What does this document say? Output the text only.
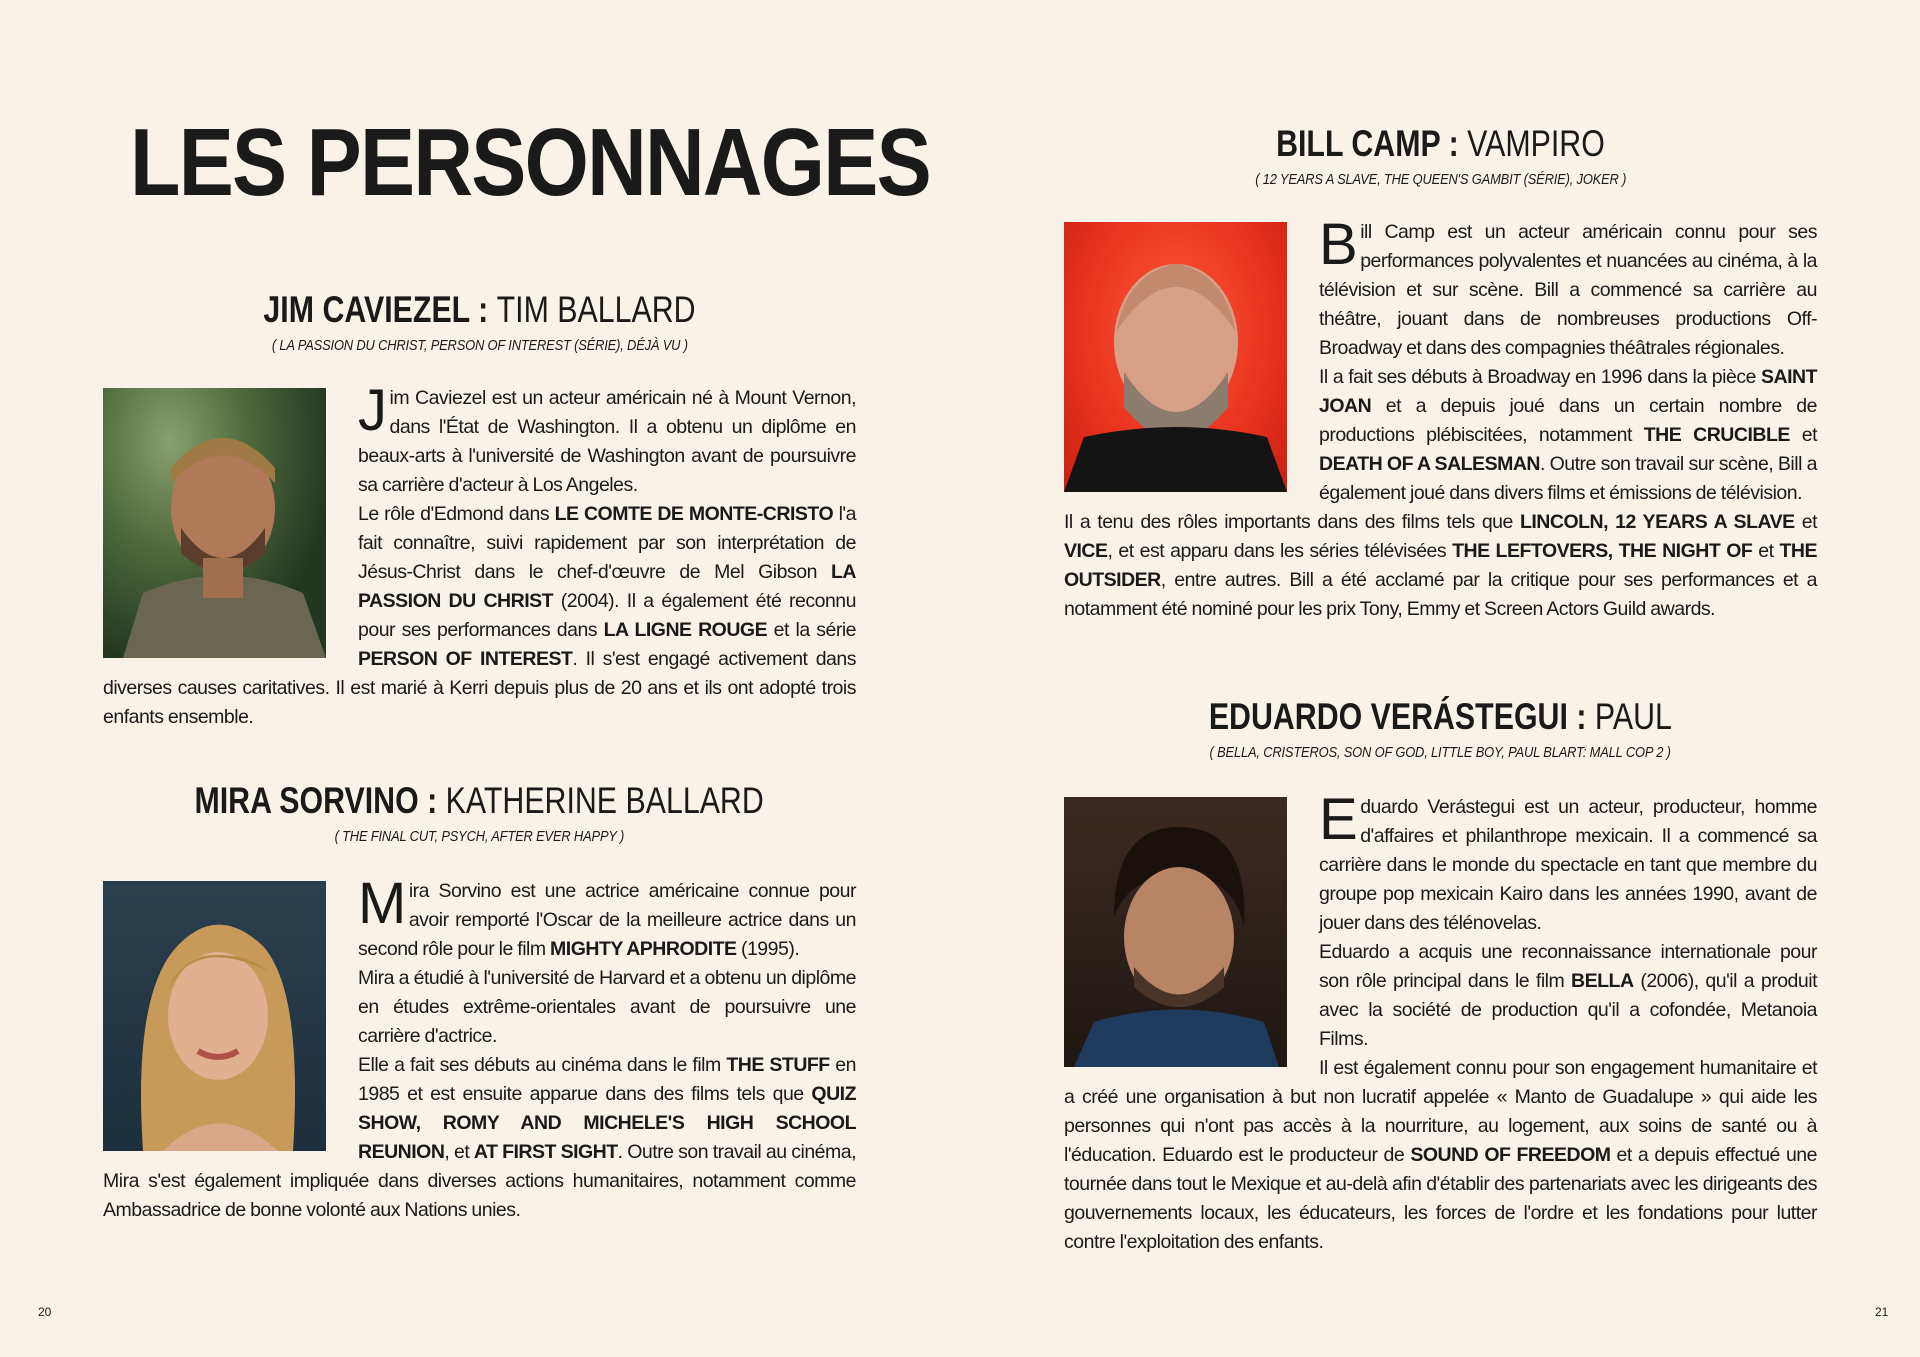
LES PERSONNAGES
JIM CAVIEZEL : TIM BALLARD
( LA PASSION DU CHRIST, PERSON OF INTEREST (SÉRIE), DÉJÀ VU )

Jim Caviezel est un acteur américain né à Mount Vernon, dans l'État de Washington. Il a obtenu un diplôme en beaux-arts à l'université de Washington avant de poursuivre sa carrière d'acteur à Los Angeles.

Le rôle d'Edmond dans LE COMTE DE MONTE-CRISTO l'a fait connaître, suivi rapidement par son interprétation de Jésus-Christ dans le chef-d'œuvre de Mel Gibson LA PASSION DU CHRIST (2004). Il a également été reconnu pour ses performances dans LA LIGNE ROUGE et la série PERSON OF INTEREST. Il s'est engagé activement dans diverses causes caritatives. Il est marié à Kerri depuis plus de 20 ans et ils ont adopté trois enfants ensemble.

MIRA SORVINO : KATHERINE BALLARD
( THE FINAL CUT, PSYCH, AFTER EVER HAPPY )

Mira Sorvino est une actrice américaine connue pour avoir remporté l'Oscar de la meilleure actrice dans un second rôle pour le film MIGHTY APHRODITE (1995).

Mira a étudié à l'université de Harvard et a obtenu un diplôme en études extrême-orientales avant de poursuivre une carrière d'actrice.

Elle a fait ses débuts au cinéma dans le film THE STUFF en 1985 et est ensuite apparue dans des films tels que QUIZ SHOW, ROMY AND MICHELE'S HIGH SCHOOL REUNION, et AT FIRST SIGHT. Outre son travail au cinéma, Mira s'est également impliquée dans diverses actions humanitaires, notamment comme Ambassadrice de bonne volonté aux Nations unies.

20
BILL CAMP : VAMPIRO
( 12 YEARS A SLAVE, THE QUEEN'S GAMBIT (SÉRIE), JOKER )

Bill Camp est un acteur américain connu pour ses performances polyvalentes et nuancées au cinéma, à la télévision et sur scène. Bill a commencé sa carrière au théâtre, jouant dans de nombreuses productions Off-Broadway et dans des compagnies théâtrales régionales.

Il a fait ses débuts à Broadway en 1996 dans la pièce SAINT JOAN et a depuis joué dans un certain nombre de productions plébiscitées, notamment THE CRUCIBLE et DEATH OF A SALESMAN. Outre son travail sur scène, Bill a également joué dans divers films et émissions de télévision.

Il a tenu des rôles importants dans des films tels que LINCOLN, 12 YEARS A SLAVE et VICE, et est apparu dans les séries télévisées THE LEFTOVERS, THE NIGHT OF et THE OUTSIDER, entre autres. Bill a été acclamé par la critique pour ses performances et a notamment été nominé pour les prix Tony, Emmy et Screen Actors Guild awards.

EDUARDO VERÁSTEGUI : PAUL
( BELLA, CRISTEROS, SON OF GOD, LITTLE BOY, PAUL BLART: MALL COP 2 )

Eduardo Verástegui est un acteur, producteur, homme d'affaires et philanthrope mexicain. Il a commencé sa carrière dans le monde du spectacle en tant que membre du groupe pop mexicain Kairo dans les années 1990, avant de jouer dans des télénovelas.

Eduardo a acquis une reconnaissance internationale pour son rôle principal dans le film BELLA (2006), qu'il a produit avec la société de production qu'il a cofondée, Metanoia Films.

Il est également connu pour son engagement humanitaire et a créé une organisation à but non lucratif appelée « Manto de Guadalupe » qui aide les personnes qui n'ont pas accès à la nourriture, au logement, aux soins de santé ou à l'éducation. Eduardo est le producteur de SOUND OF FREEDOM et a depuis effectué une tournée dans tout le Mexique et au-delà afin d'établir des partenariats avec les dirigeants des gouvernements locaux, les éducateurs, les forces de l'ordre et les fondations pour lutter contre l'exploitation des enfants.

21
